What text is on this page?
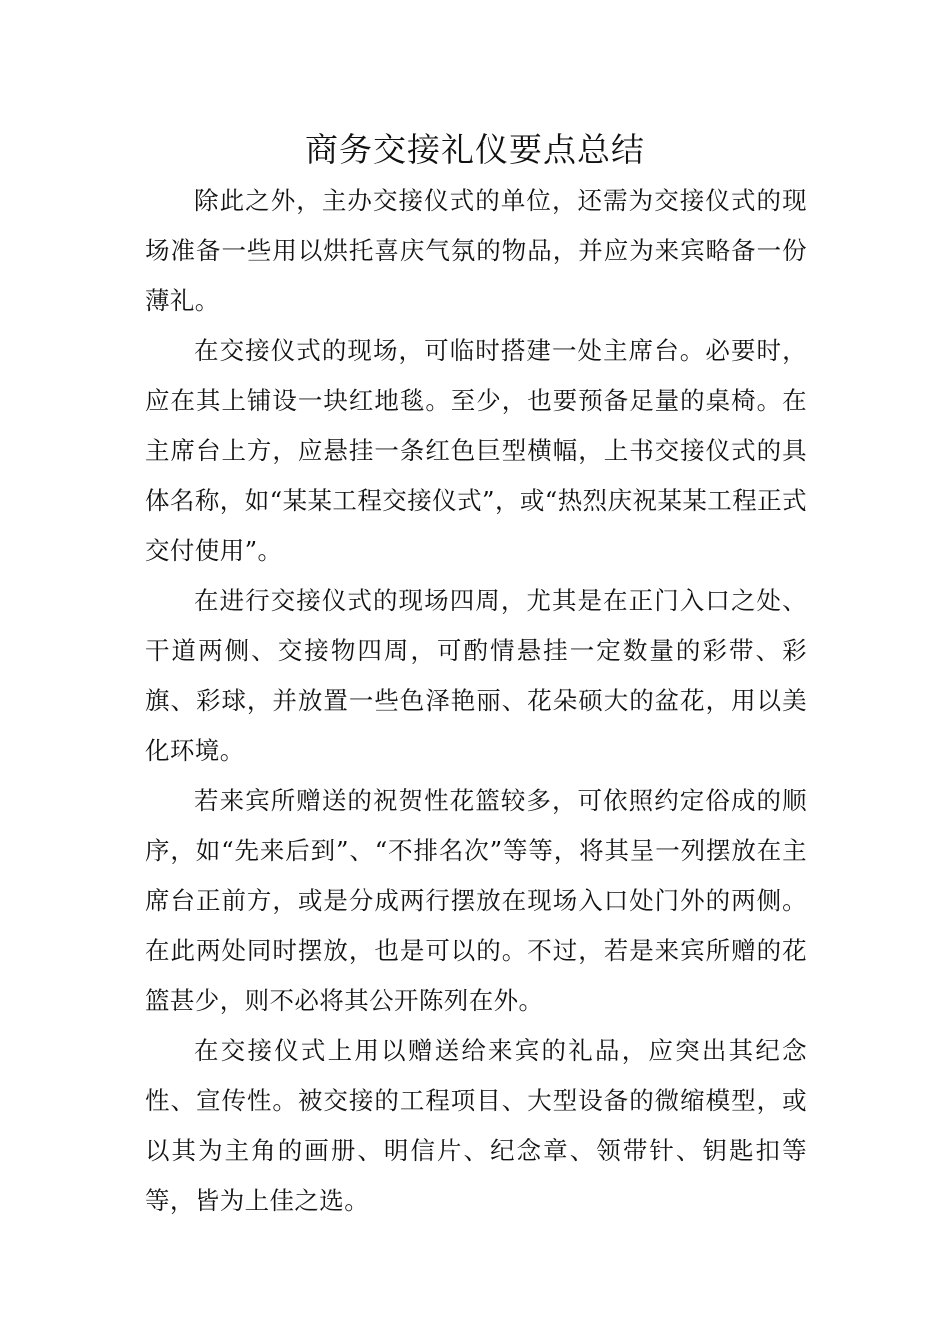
商务交接礼仪要点总结

除此之外，主办交接仪式的单位，还需为交接仪式的现场准备一些用以烘托喜庆气氛的物品，并应为来宾略备一份薄礼。

在交接仪式的现场，可临时搭建一处主席台。必要时，应在其上铺设一块红地毯。至少，也要预备足量的桌椅。在主席台上方，应悬挂一条红色巨型横幅，上书交接仪式的具体名称，如“某某工程交接仪式”，或“热烈庆祝某某工程正式交付使用”。

在进行交接仪式的现场四周，尤其是在正门入口之处、干道两侧、交接物四周，可酌情悬挂一定数量的彩带、彩旗、彩球，并放置一些色泽艳丽、花朵硕大的盆花，用以美化环境。

若来宾所赠送的祝贺性花篮较多，可依照约定俗成的顺序，如“先来后到”、“不排名次”等等，将其呈一列摆放在主席台正前方，或是分成两行摆放在现场入口处门外的两侧。在此两处同时摆放，也是可以的。不过，若是来宾所赠的花篮甚少，则不必将其公开陈列在外。

在交接仪式上用以赠送给来宾的礼品，应突出其纪念性、宣传性。被交接的工程项目、大型设备的微缩模型，或以其为主角的画册、明信片、纪念章、领带针、钥匙扣等等，皆为上佳之选。
